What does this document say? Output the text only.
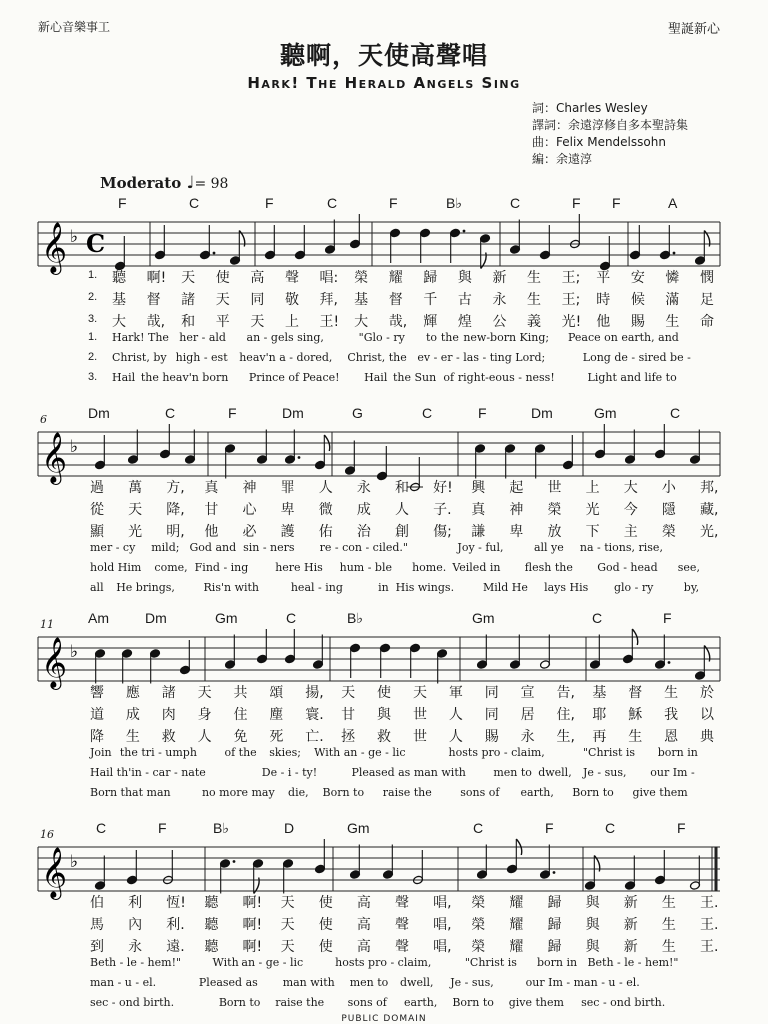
新心音樂事工	聖誕新心
聽啊，天使高聲唱
Hark! The Herald Angels Sing
詞：Charles Wesley
譯詞：余遠淳修自多本聖詩集
曲：Felix Mendelssohn
編：余遠淳
Moderato ♩= 98
F	C	F	C	F	B♭	C	F F	A
𝄞 ♭ C
1.
1.
2.
2.
3.
3.
聽 啊! 天 使 高 聲 唱: 榮 耀 歸 與 新 生 王; 平 安 憐 憫
基 督 諸 天 同 敬 拜, 基 督 千 古 永 生 王; 時 候 滿 足
大 哉, 和 平 天 上 王! 大 哉, 輝 煌 公 義 光! 他 賜 生 命
Hark! The her - ald an - gels sing,	"Glo - ry to the new-born King; Peace on earth, and
Christ, by high - est heav'n a - dored, Christ, the ev - er - las - ting Lord;	Long de - sired be -
Hail the heav'n born Prince of Peace! Hail the Sun of right-eous - ness!	Light and life to
6	Dm	C	F	Dm	G	C	F	Dm	Gm	C
𝄞 ♭
過 萬 方, 真 神 罪 人 永 和 好! 興 起 世 上 大 小 邦,
從 天 降, 甘 心 卑 微 成 人 子. 真 神 榮 光 今 隱 藏,
顯 光 明, 他 必 護 佑 治 創 傷; 謙 卑 放 下 主 榮 光,
mer - cy mild; God and sin - ners re - con - ciled."	Joy - ful,	all ye na - tions, rise,
hold Him come, Find - ing here His hum - ble home. Veiled in flesh the God - head see,
all He brings,	Ris'n with	heal - ing	in His wings.	Mild He lays His glo - ry	by,
11 Am	Dm	Gm	C	B♭	Gm	C	F
𝄞 ♭
響 應 諸 天 共 頌 揚, 天 使 天 軍 同 宣 告, 基 督 生 於
道 成 肉 身 住 塵 寰. 甘 與 世 人 同 居 住, 耶 穌 我 以
降 生 救 人 免 死 亡. 拯 救 世 人 賜 永 生, 再 生 恩 典
Join the tri - umph	of the skies; With an - ge - lic	hosts pro - claim,	"Christ is born in
Hail th'in - car - nate	De - i - ty!	Pleased as man with	men to dwell, Je - sus, our Im -
Born that man	no more may die, Born to raise the	sons of earth, Born to give them
16	C	F	B♭	D	Gm	C	F	C	F
𝄞 ♭
伯 利 恆! 聽 啊! 天 使 高 聲 唱, 榮 耀 歸 與 新 生 王.
馬 內 利. 聽 啊! 天 使 高 聲 唱, 榮 耀 歸 與 新 生 王.
到 永 遠. 聽 啊! 天 使 高 聲 唱, 榮 耀 歸 與 新 生 王.
Beth - le - hem!"	With an - ge - lic	hosts pro - claim,	"Christ is born in Beth - le - hem!"
man - u - el.	Pleased as man with men to dwell, Je - sus,	our Im - man - u - el.
sec - ond birth.	Born to raise the sons of earth, Born to give them sec - ond birth.
PUBLIC DOMAIN
